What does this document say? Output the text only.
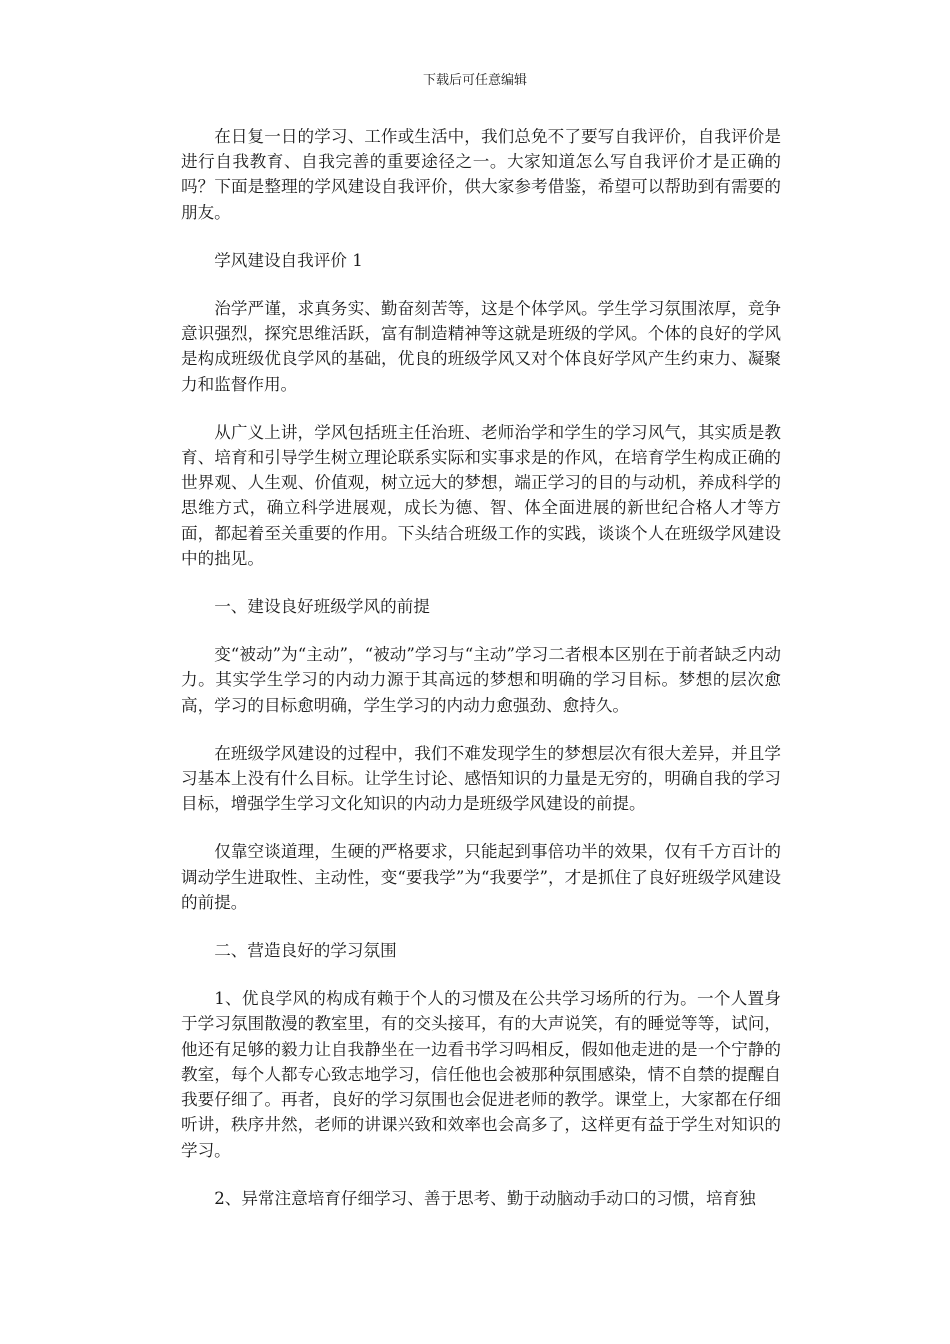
下载后可任意编辑

在日复一日的学习、工作或生活中，我们总免不了要写自我评价，自我评价是进行自我教育、自我完善的重要途径之一。大家知道怎么写自我评价才是正确的吗？下面是整理的学风建设自我评价，供大家参考借鉴，希望可以帮助到有需要的朋友。

学风建设自我评价 1

治学严谨，求真务实、勤奋刻苦等，这是个体学风。学生学习氛围浓厚，竞争意识强烈，探究思维活跃，富有制造精神等这就是班级的学风。个体的良好的学风是构成班级优良学风的基础，优良的班级学风又对个体良好学风产生约束力、凝聚力和监督作用。

从广义上讲，学风包括班主任治班、老师治学和学生的学习风气，其实质是教育、培育和引导学生树立理论联系实际和实事求是的作风，在培育学生构成正确的世界观、人生观、价值观，树立远大的梦想，端正学习的目的与动机，养成科学的思维方式，确立科学进展观，成长为德、智、体全面进展的新世纪合格人才等方面，都起着至关重要的作用。下头结合班级工作的实践，谈谈个人在班级学风建设中的拙见。

一、建设良好班级学风的前提

变“被动”为“主动”，“被动”学习与“主动”学习二者根本区别在于前者缺乏内动力。其实学生学习的内动力源于其高远的梦想和明确的学习目标。梦想的层次愈高，学习的目标愈明确，学生学习的内动力愈强劲、愈持久。

在班级学风建设的过程中，我们不难发现学生的梦想层次有很大差异，并且学习基本上没有什么目标。让学生讨论、感悟知识的力量是无穷的，明确自我的学习目标，增强学生学习文化知识的内动力是班级学风建设的前提。

仅靠空谈道理，生硬的严格要求，只能起到事倍功半的效果，仅有千方百计的调动学生进取性、主动性，变“要我学”为“我要学”，才是抓住了良好班级学风建设的前提。

二、营造良好的学习氛围

1、优良学风的构成有赖于个人的习惯及在公共学习场所的行为。一个人置身于学习氛围散漫的教室里，有的交头接耳，有的大声说笑，有的睡觉等等，试问，他还有足够的毅力让自我静坐在一边看书学习吗相反，假如他走进的是一个宁静的教室，每个人都专心致志地学习，信任他也会被那种氛围感染，情不自禁的提醒自我要仔细了。再者，良好的学习氛围也会促进老师的教学。课堂上，大家都在仔细听讲，秩序井然，老师的讲课兴致和效率也会高多了，这样更有益于学生对知识的学习。

2、异常注意培育仔细学习、善于思考、勤于动脑动手动口的习惯，培育独
